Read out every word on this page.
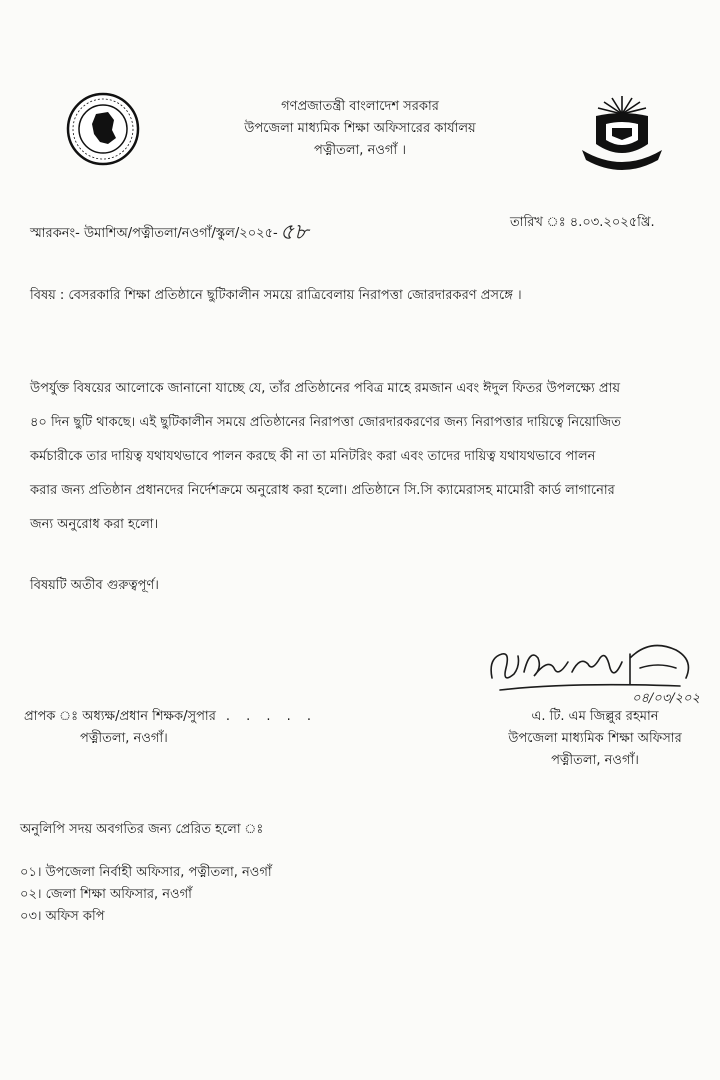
গণপ্রজাতন্ত্রী বাংলাদেশ সরকার
উপজেলা মাধ্যমিক শিক্ষা অফিসারের কার্যালয়
পত্নীতলা, নওগাঁ ।
স্মারকনং- উমাশিঅ/পত্নীতলা/নওগাঁ/স্কুল/২০২৫-৫৮	তারিখ ঃ ৪.০৩.২০২৫খ্রি.
বিষয় : বেসরকারি শিক্ষা প্রতিষ্ঠানে ছুটিকালীন সময়ে রাত্রিবেলায় নিরাপত্তা জোরদারকরণ প্রসঙ্গে ।
উপর্যুক্ত বিষয়ের আলোকে জানানো যাচ্ছে যে, তাঁর প্রতিষ্ঠানের পবিত্র মাহে রমজান এবং ঈদুল ফিতর উপলক্ষ্যে প্রায়
৪০ দিন ছুটি থাকছে। এই ছুটিকালীন সময়ে প্রতিষ্ঠানের নিরাপত্তা জোরদারকরণের জন্য নিরাপত্তার দায়িত্বে নিয়োজিত
কর্মচারীকে তার দায়িত্ব যথাযথভাবে পালন করছে কী না তা মনিটরিং করা এবং তাদের দায়িত্ব যথাযথভাবে পালন
করার জন্য প্রতিষ্ঠান প্রধানদের নির্দেশক্রমে অনুরোধ করা হলো। প্রতিষ্ঠানে সি.সি ক্যামেরাসহ মামোরী কার্ড লাগানোর
জন্য অনুরোধ করা হলো।
বিষয়টি অতীব গুরুত্বপূর্ণ।
০৪/০৩/২০২
প্রাপক ঃ অধ্যক্ষ/প্রধান শিক্ষক/সুপার . . . . .
পত্নীতলা, নওগাঁ।
এ. টি. এম জিল্লুর রহমান
উপজেলা মাধ্যমিক শিক্ষা অফিসার
পত্নীতলা, নওগাঁ।
অনুলিপি সদয় অবগতির জন্য প্রেরিত হলো ঃ
০১। উপজেলা নির্বাহী অফিসার, পত্নীতলা, নওগাঁ
০২। জেলা শিক্ষা অফিসার, নওগাঁ
০৩। অফিস কপি
